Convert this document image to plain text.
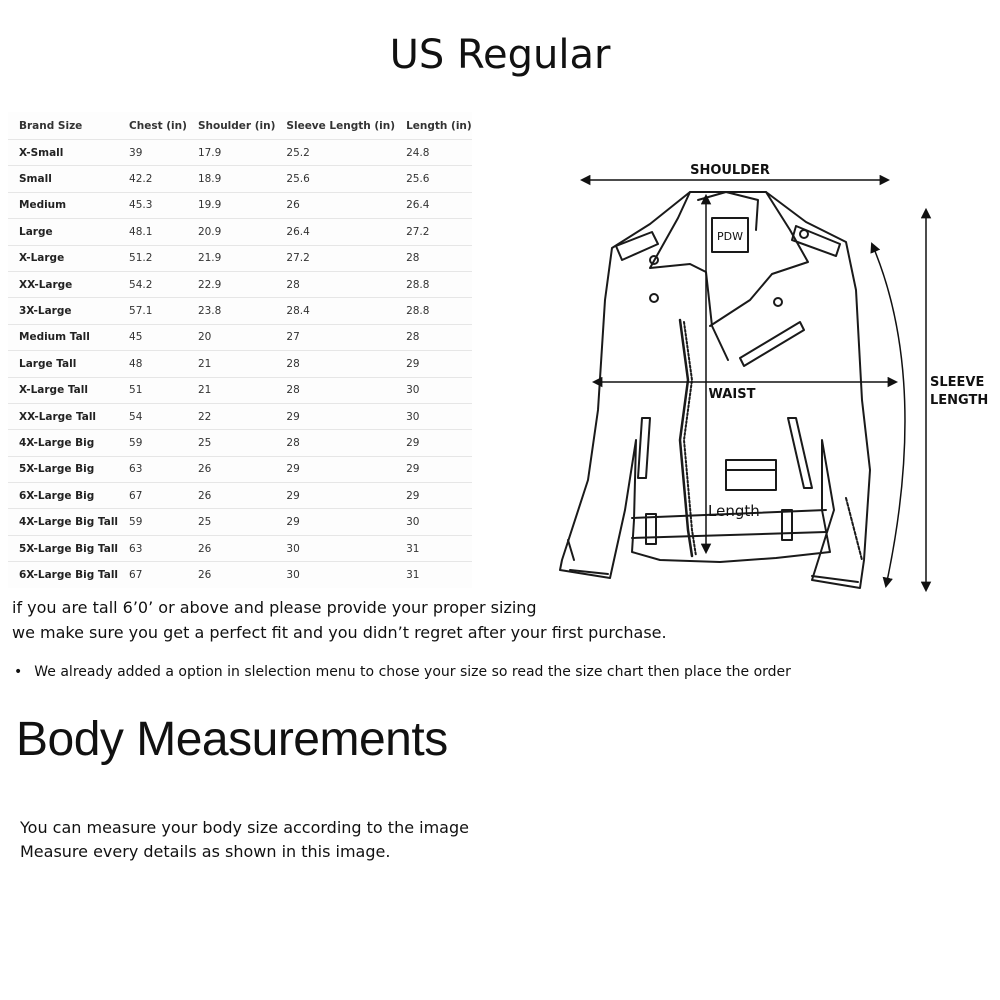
US Regular
Brand Size	Chest (in)	Shoulder (in)	Sleeve Length (in)	Length (in)
X-Small	39	17.9	25.2	24.8
Small	42.2	18.9	25.6	25.6
Medium	45.3	19.9	26	26.4
Large	48.1	20.9	26.4	27.2
X-Large	51.2	21.9	27.2	28
XX-Large	54.2	22.9	28	28.8
3X-Large	57.1	23.8	28.4	28.8
Medium Tall	45	20	27	28
Large Tall	48	21	28	29
X-Large Tall	51	21	28	30
XX-Large Tall	54	22	29	30
4X-Large Big	59	25	28	29
5X-Large Big	63	26	29	29
6X-Large Big	67	26	29	29
4X-Large Big Tall	59	25	29	30
5X-Large Big Tall	63	26	30	31
6X-Large Big Tall	67	26	30	31
PDW
SHOULDER
WAIST
Length
SLEEVE
LENGTH
if you are tall 6’0’ or above and please provide your proper sizing
we make sure you get a perfect fit and you didn’t regret after your first purchase.
• We already added a option in slelection menu to chose your size so read the size chart then place the order
Body Measurements
You can measure your body size according to the image
Measure every details as shown in this image.
